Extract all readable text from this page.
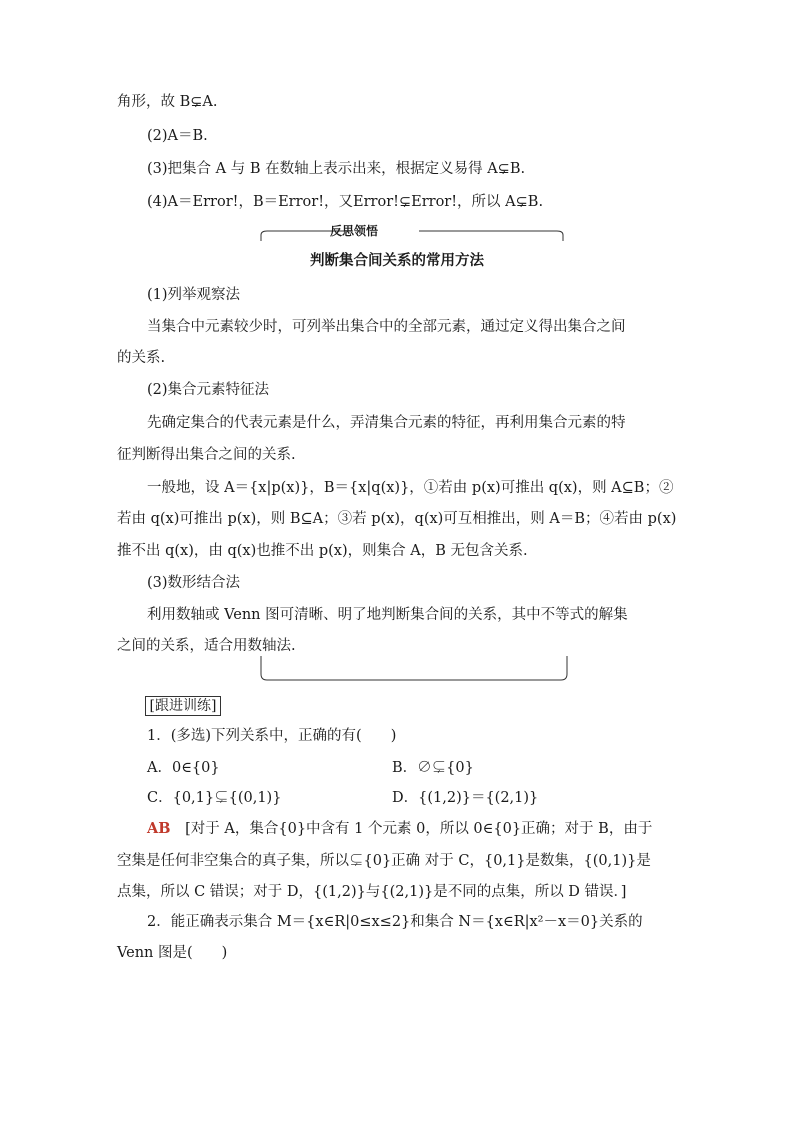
角形，故 B⊊A.
(2)A＝B.
(3)把集合 A 与 B 在数轴上表示出来，根据定义易得 A⊊B.
(4)A＝Error!，B＝Error!，又Error!⊊Error!，所以 A⊊B.
判断集合间关系的常用方法
(1)列举观察法
当集合中元素较少时，可列举出集合中的全部元素，通过定义得出集合之间
的关系.
(2)集合元素特征法
先确定集合的代表元素是什么，弄清集合元素的特征，再利用集合元素的特
征判断得出集合之间的关系.
一般地，设 A＝{x|p(x)}，B＝{x|q(x)}，①若由 p(x)可推出 q(x)，则 A⊆B；②
若由 q(x)可推出 p(x)，则 B⊆A；③若 p(x)，q(x)可互相推出，则 A＝B；④若由 p(x)
推不出 q(x)，由 q(x)也推不出 p(x)，则集合 A，B 无包含关系.
(3)数形结合法
利用数轴或 Venn 图可清晰、明了地判断集合间的关系，其中不等式的解集
之间的关系，适合用数轴法.
1．(多选)下列关系中，正确的有(　　)
A．0∈{0}	B．∅⊊{0}
C．{0,1}⊊{(0,1)}	D．{(1,2)}＝{(2,1)}
AB [对于 A，集合{0}中含有 1 个元素 0，所以 0∈{0}正确；对于 B，由于
空集是任何非空集合的真子集，所以⊊{0}正确 对于 C，{0,1}是数集，{(0,1)}是
点集，所以 C 错误；对于 D，{(1,2)}与{(2,1)}是不同的点集，所以 D 错误．]
2．能正确表示集合 M＝{x∈R|0≤x≤2}和集合 N＝{x∈R|x²－x＝0}关系的
Venn 图是(　　)
反思领悟
[跟进训练]
